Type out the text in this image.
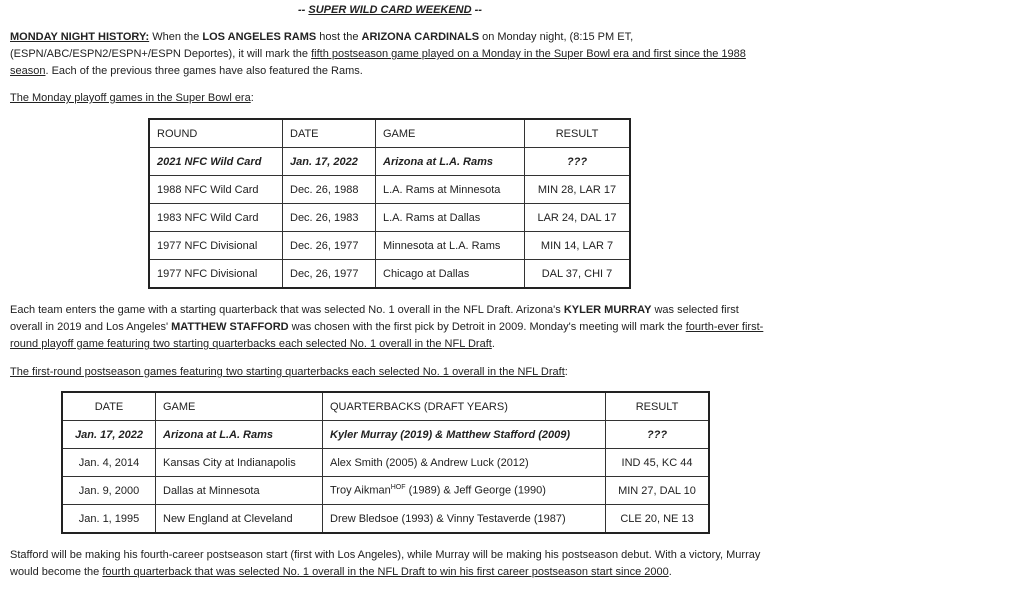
-- SUPER WILD CARD WEEKEND --
MONDAY NIGHT HISTORY: When the LOS ANGELES RAMS host the ARIZONA CARDINALS on Monday night, (8:15 PM ET, (ESPN/ABC/ESPN2/ESPN+/ESPN Deportes), it will mark the fifth postseason game played on a Monday in the Super Bowl era and first since the 1988 season. Each of the previous three games have also featured the Rams.
The Monday playoff games in the Super Bowl era:
ROUND	DATE	GAME	RESULT
2021 NFC Wild Card	Jan. 17, 2022	Arizona at L.A. Rams	???
1988 NFC Wild Card	Dec. 26, 1988	L.A. Rams at Minnesota	MIN 28, LAR 17
1983 NFC Wild Card	Dec. 26, 1983	L.A. Rams at Dallas	LAR 24, DAL 17
1977 NFC Divisional	Dec. 26, 1977	Minnesota at L.A. Rams	MIN 14, LAR 7
1977 NFC Divisional	Dec, 26, 1977	Chicago at Dallas	DAL 37, CHI 7
Each team enters the game with a starting quarterback that was selected No. 1 overall in the NFL Draft. Arizona's KYLER MURRAY was selected first overall in 2019 and Los Angeles' MATTHEW STAFFORD was chosen with the first pick by Detroit in 2009. Monday's meeting will mark the fourth-ever first-round playoff game featuring two starting quarterbacks each selected No. 1 overall in the NFL Draft.
The first-round postseason games featuring two starting quarterbacks each selected No. 1 overall in the NFL Draft:
DATE	GAME	QUARTERBACKS (DRAFT YEARS)	RESULT
Jan. 17, 2022	Arizona at L.A. Rams	Kyler Murray (2019) & Matthew Stafford (2009)	???
Jan. 4, 2014	Kansas City at Indianapolis	Alex Smith (2005) & Andrew Luck (2012)	IND 45, KC 44
Jan. 9, 2000	Dallas at Minnesota	Troy Aikman$^{HOF}$ (1989) & Jeff George (1990)	MIN 27, DAL 10
Jan. 1, 1995	New England at Cleveland	Drew Bledsoe (1993) & Vinny Testaverde (1987)	CLE 20, NE 13
Stafford will be making his fourth-career postseason start (first with Los Angeles), while Murray will be making his postseason debut. With a victory, Murray would become the fourth quarterback that was selected No. 1 overall in the NFL Draft to win his first career postseason start since 2000.
